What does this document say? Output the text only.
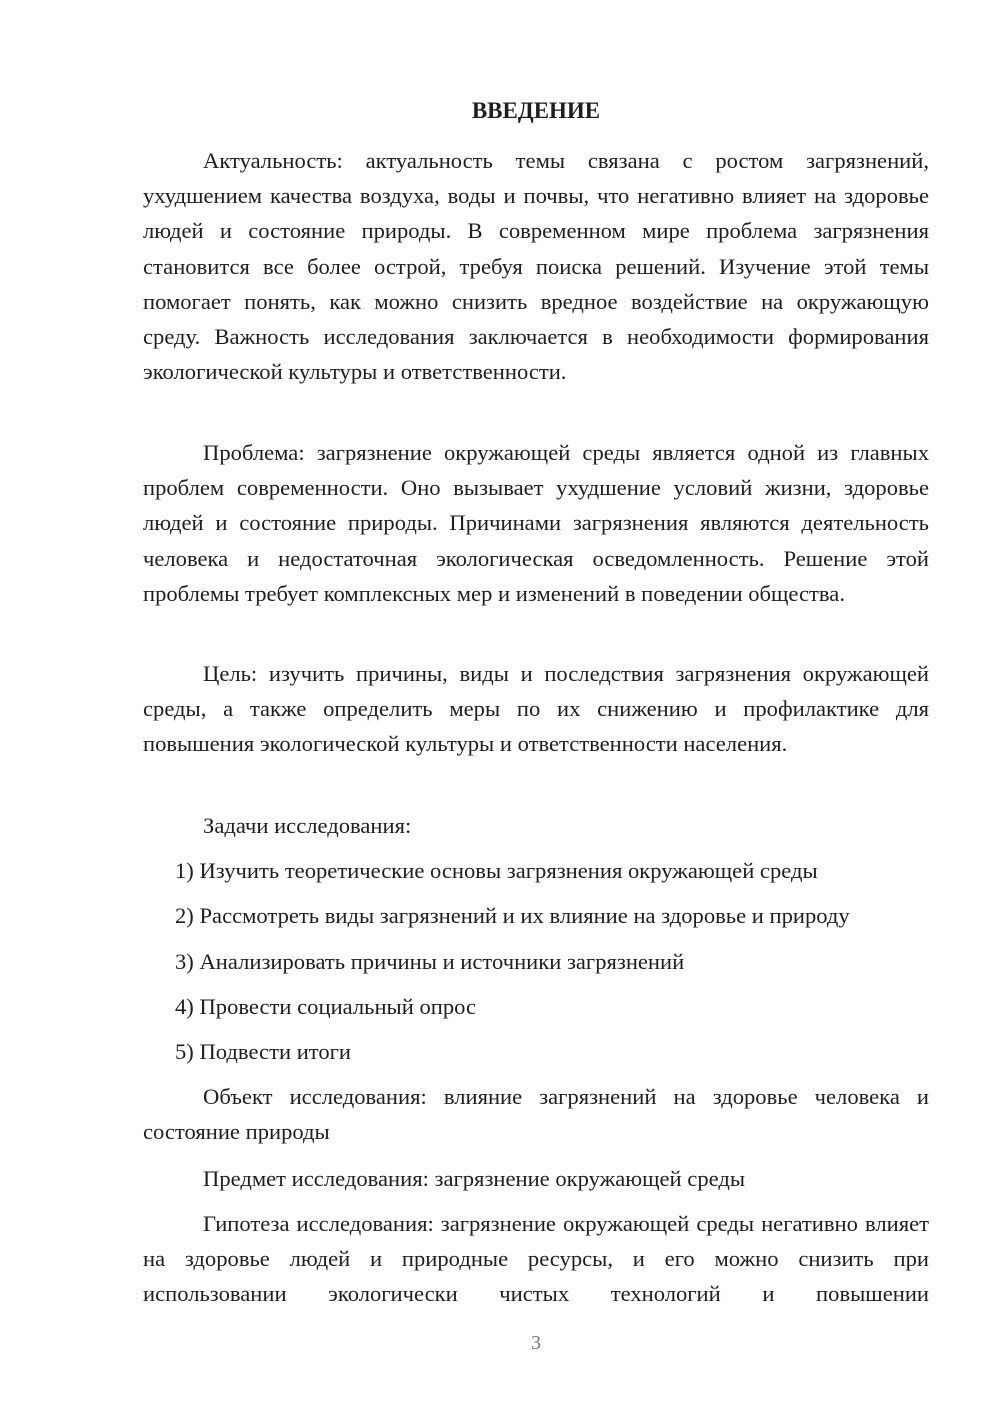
ВВЕДЕНИЕ

Актуальность: актуальность темы связана с ростом загрязнений, ухудшением качества воздуха, воды и почвы, что негативно влияет на здоровье людей и состояние природы. В современном мире проблема загрязнения становится все более острой, требуя поиска решений. Изучение этой темы помогает понять, как можно снизить вредное воздействие на окружающую среду. Важность исследования заключается в необходимости формирования экологической культуры и ответственности.

Проблема: загрязнение окружающей среды является одной из главных проблем современности. Оно вызывает ухудшение условий жизни, здоровье людей и состояние природы. Причинами загрязнения являются деятельность человека и недостаточная экологическая осведомленность. Решение этой проблемы требует комплексных мер и изменений в поведении общества.

Цель: изучить причины, виды и последствия загрязнения окружающей среды, а также определить меры по их снижению и профилактике для повышения экологической культуры и ответственности населения.

Задачи исследования:
1) Изучить теоретические основы загрязнения окружающей среды
2) Рассмотреть виды загрязнений и их влияние на здоровье и природу
3) Анализировать причины и источники загрязнений
4) Провести социальный опрос
5) Подвести итоги

Объект исследования: влияние загрязнений на здоровье человека и состояние природы

Предмет исследования: загрязнение окружающей среды

Гипотеза исследования: загрязнение окружающей среды негативно влияет на здоровье людей и природные ресурсы, и его можно снизить при использовании экологически чистых технологий и повышении

3
